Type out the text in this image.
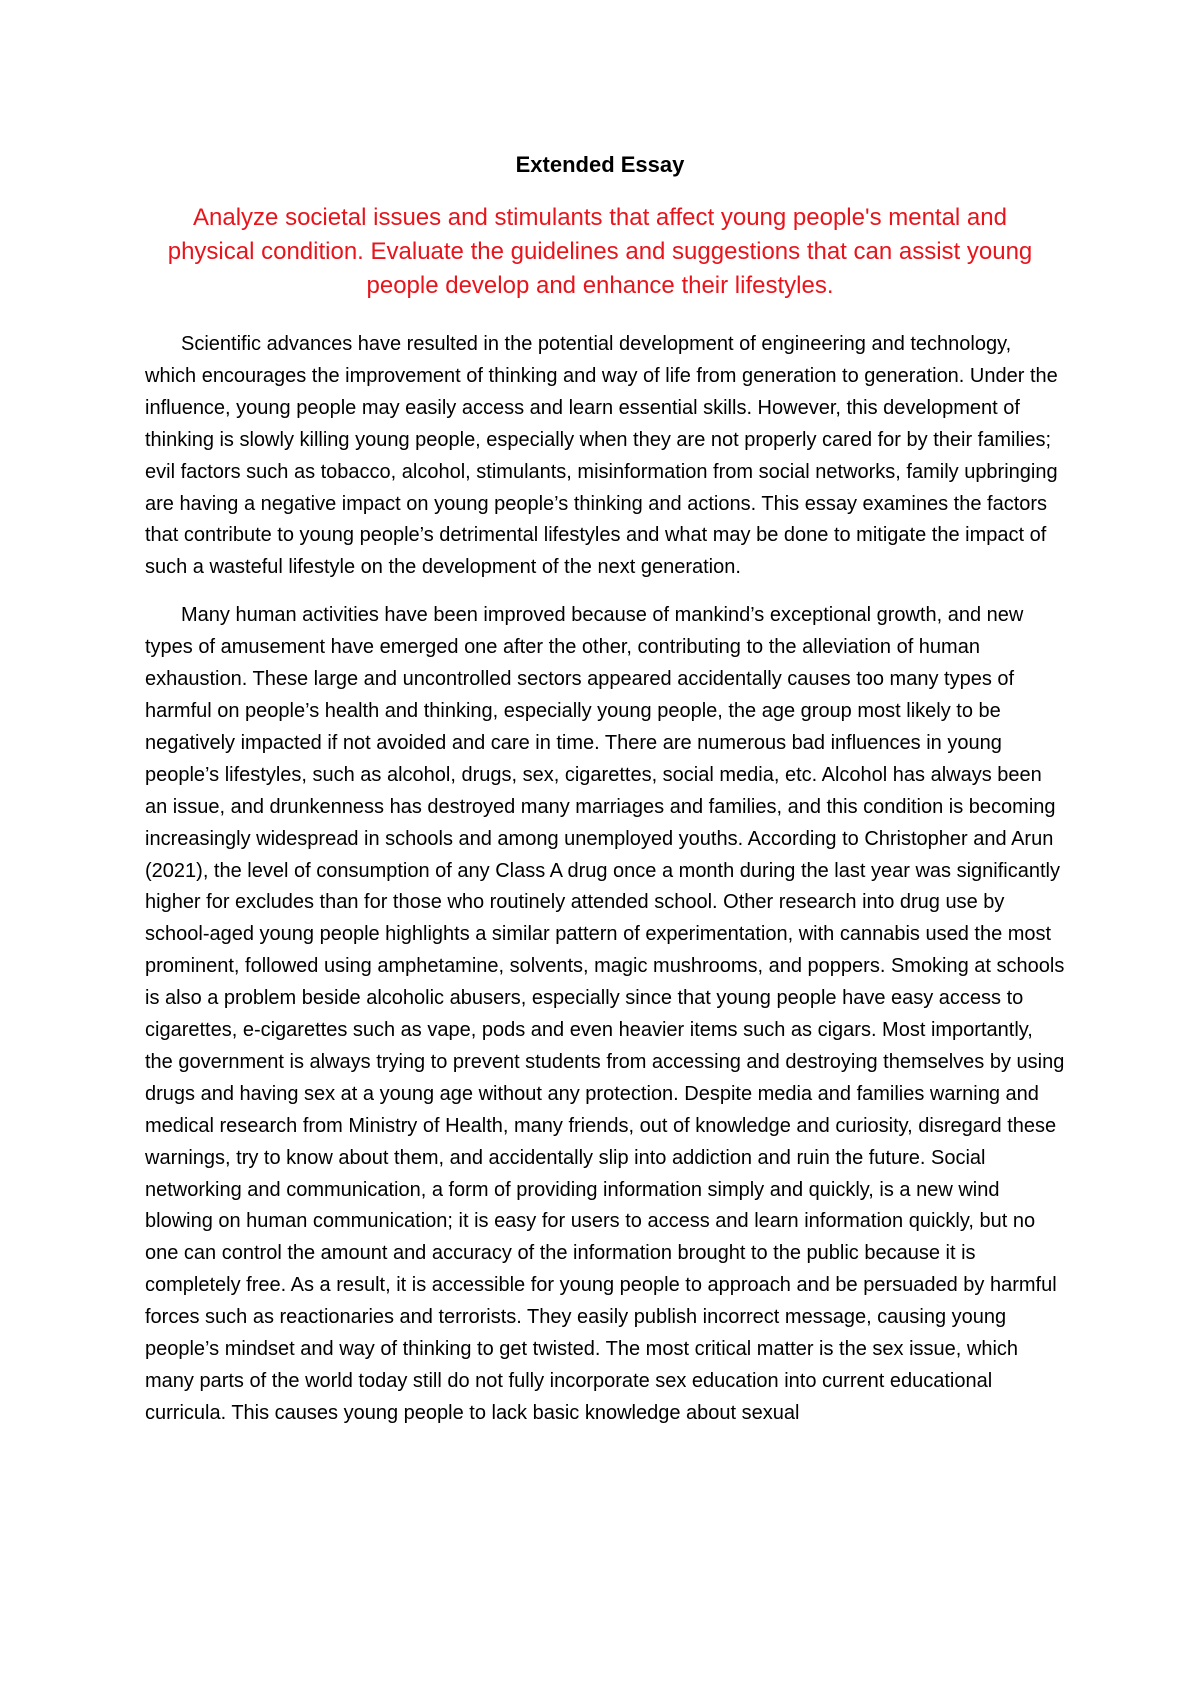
Extended Essay

Analyze societal issues and stimulants that affect young people's mental and physical condition. Evaluate the guidelines and suggestions that can assist young people develop and enhance their lifestyles.

Scientific advances have resulted in the potential development of engineering and technology, which encourages the improvement of thinking and way of life from generation to generation. Under the influence, young people may easily access and learn essential skills. However, this development of thinking is slowly killing young people, especially when they are not properly cared for by their families; evil factors such as tobacco, alcohol, stimulants, misinformation from social networks, family upbringing are having a negative impact on young people’s thinking and actions. This essay examines the factors that contribute to young people’s detrimental lifestyles and what may be done to mitigate the impact of such a wasteful lifestyle on the development of the next generation.

Many human activities have been improved because of mankind’s exceptional growth, and new types of amusement have emerged one after the other, contributing to the alleviation of human exhaustion. These large and uncontrolled sectors appeared accidentally causes too many types of harmful on people’s health and thinking, especially young people, the age group most likely to be negatively impacted if not avoided and care in time. There are numerous bad influences in young people’s lifestyles, such as alcohol, drugs, sex, cigarettes, social media, etc. Alcohol has always been an issue, and drunkenness has destroyed many marriages and families, and this condition is becoming increasingly widespread in schools and among unemployed youths. According to Christopher and Arun (2021), the level of consumption of any Class A drug once a month during the last year was significantly higher for excludes than for those who routinely attended school. Other research into drug use by school-aged young people highlights a similar pattern of experimentation, with cannabis used the most prominent, followed using amphetamine, solvents, magic mushrooms, and poppers. Smoking at schools is also a problem beside alcoholic abusers, especially since that young people have easy access to cigarettes, e-cigarettes such as vape, pods and even heavier items such as cigars. Most importantly, the government is always trying to prevent students from accessing and destroying themselves by using drugs and having sex at a young age without any protection. Despite media and families warning and medical research from Ministry of Health, many friends, out of knowledge and curiosity, disregard these warnings, try to know about them, and accidentally slip into addiction and ruin the future. Social networking and communication, a form of providing information simply and quickly, is a new wind blowing on human communication; it is easy for users to access and learn information quickly, but no one can control the amount and accuracy of the information brought to the public because it is completely free. As a result, it is accessible for young people to approach and be persuaded by harmful forces such as reactionaries and terrorists. They easily publish incorrect message, causing young people’s mindset and way of thinking to get twisted. The most critical matter is the sex issue, which many parts of the world today still do not fully incorporate sex education into current educational curricula. This causes young people to lack basic knowledge about sexual
